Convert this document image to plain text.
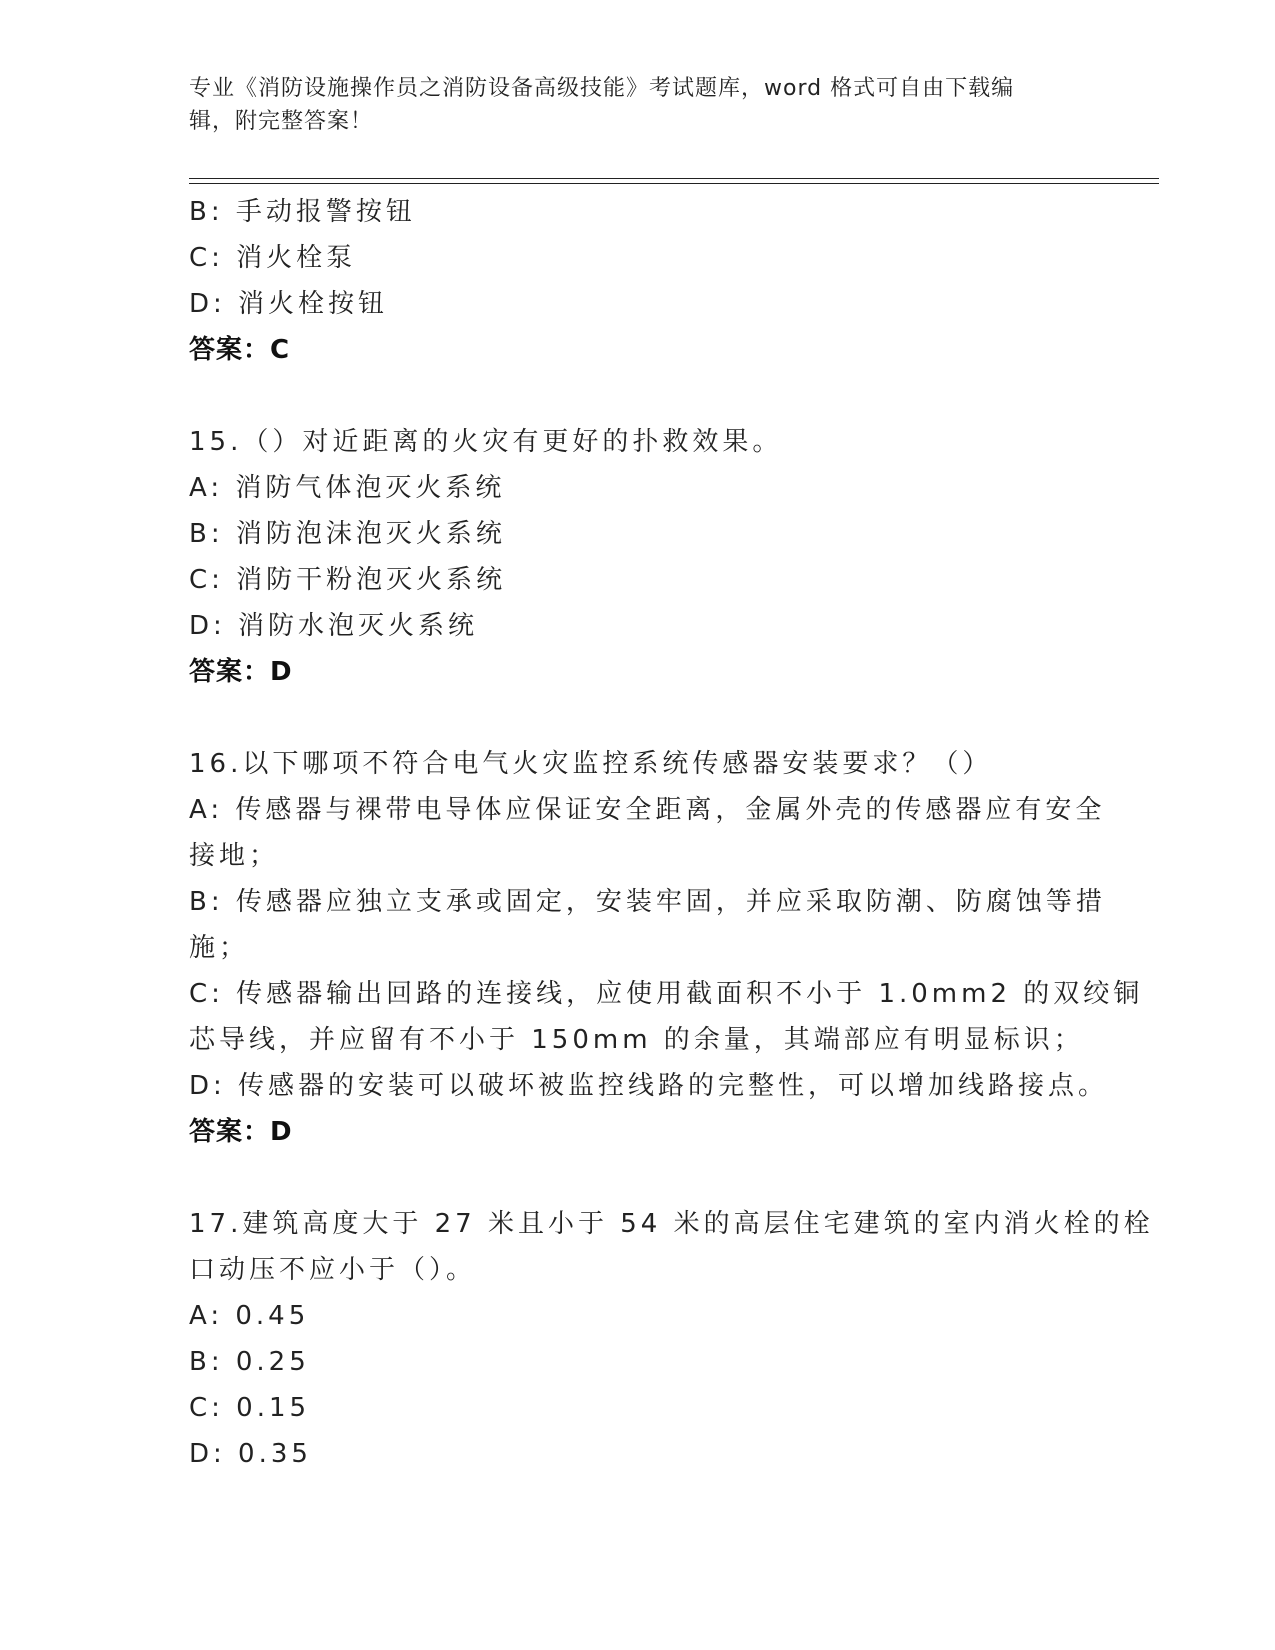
专业《消防设施操作员之消防设备高级技能》考试题库，word 格式可自由下载编
辑，附完整答案！
B: 手动报警按钮
C: 消火栓泵
D: 消火栓按钮
答案：C
15.（）对近距离的火灾有更好的扑救效果。
A: 消防气体泡灭火系统
B: 消防泡沫泡灭火系统
C: 消防干粉泡灭火系统
D: 消防水泡灭火系统
答案：D
16.以下哪项不符合电气火灾监控系统传感器安装要求？（）
A: 传感器与裸带电导体应保证安全距离，金属外壳的传感器应有安全
接地；
B: 传感器应独立支承或固定，安装牢固，并应采取防潮、防腐蚀等措
施；
C: 传感器输出回路的连接线，应使用截面积不小于 1.0mm2 的双绞铜
芯导线，并应留有不小于 150mm 的余量，其端部应有明显标识；
D: 传感器的安装可以破坏被监控线路的完整性，可以增加线路接点。
答案：D
17.建筑高度大于 27 米且小于 54 米的高层住宅建筑的室内消火栓的栓
口动压不应小于（）。
A: 0.45
B: 0.25
C: 0.15
D: 0.35
